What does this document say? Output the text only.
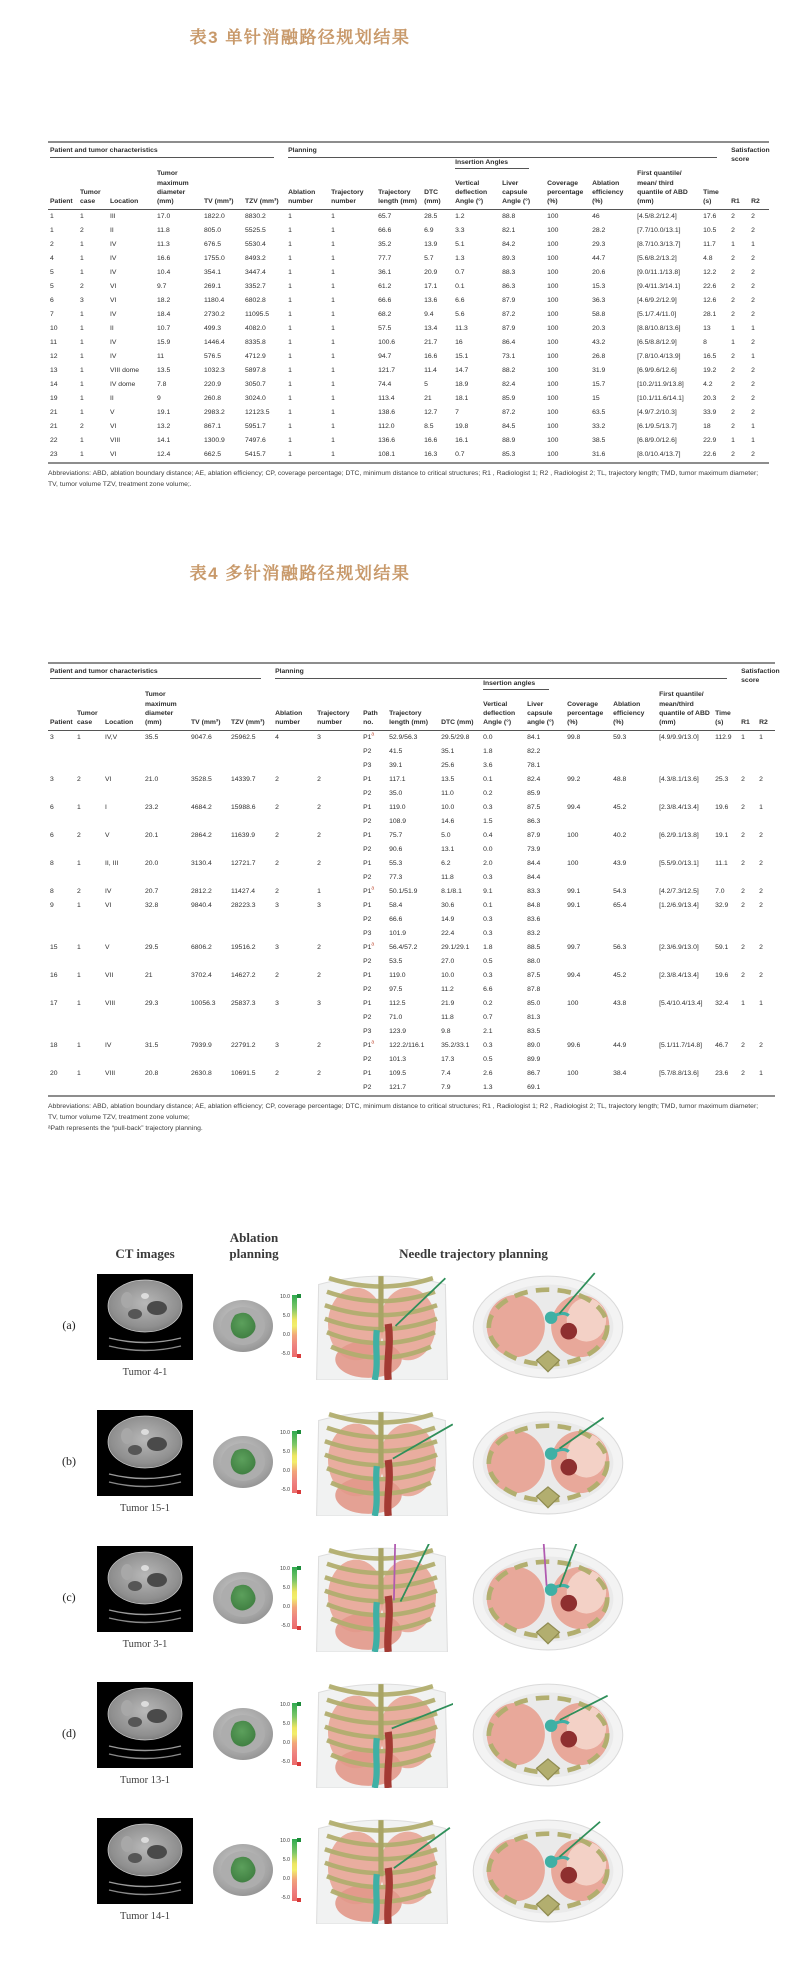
表3 单针消融路径规划结果
Patient and tumor characteristics						Planning										Satisfaction score	

										Insertion Angles							

Patient	Tumor case	Location	Tumor maximum diameter (mm)	TV (mm³)	TZV (mm³)	Ablation number	Trajectory number	Trajectory length (mm)	DTC (mm)	Vertical deflection Angle (°)	Liver capsule Angle (°)	Coverage percentage (%)	Ablation efficiency (%)	First quantile/ mean/ third quantile of ABD (mm)	Time (s)	R1	R2
1	1	III	17.0	1822.0	8830.2	1	1	65.7	28.5	1.2	88.8	100	46	[4.5/8.2/12.4]	17.6	2	2
1	2	II	11.8	805.0	5525.5	1	1	66.6	6.9	3.3	82.1	100	28.2	[7.7/10.0/13.1]	10.5	2	2
2	1	IV	11.3	676.5	5530.4	1	1	35.2	13.9	5.1	84.2	100	29.3	[8.7/10.3/13.7]	11.7	1	1
4	1	IV	16.6	1755.0	8493.2	1	1	77.7	5.7	1.3	89.3	100	44.7	[5.6/8.2/13.2]	4.8	2	2
5	1	IV	10.4	354.1	3447.4	1	1	36.1	20.9	0.7	88.3	100	20.6	[9.0/11.1/13.8]	12.2	2	2
5	2	VI	9.7	269.1	3352.7	1	1	61.2	17.1	0.1	86.3	100	15.3	[9.4/11.3/14.1]	22.6	2	2
6	3	VI	18.2	1180.4	6802.8	1	1	66.6	13.6	6.6	87.9	100	36.3	[4.6/9.2/12.9]	12.6	2	2
7	1	IV	18.4	2730.2	11095.5	1	1	68.2	9.4	5.6	87.2	100	58.8	[5.1/7.4/11.0]	28.1	2	2
10	1	II	10.7	499.3	4082.0	1	1	57.5	13.4	11.3	87.9	100	20.3	[8.8/10.8/13.6]	13	1	1
11	1	IV	15.9	1446.4	8335.8	1	1	100.6	21.7	16	86.4	100	43.2	[6.5/8.8/12.9]	8	1	2
12	1	IV	11	576.5	4712.9	1	1	94.7	16.6	15.1	73.1	100	26.8	[7.8/10.4/13.9]	16.5	2	1
13	1	VIII dome	13.5	1032.3	5897.8	1	1	121.7	11.4	14.7	88.2	100	31.9	[6.9/9.6/12.6]	19.2	2	2
14	1	IV dome	7.8	220.9	3050.7	1	1	74.4	5	18.9	82.4	100	15.7	[10.2/11.9/13.8]	4.2	2	2
19	1	II	9	260.8	3024.0	1	1	113.4	21	18.1	85.9	100	15	[10.1/11.6/14.1]	20.3	2	2
21	1	V	19.1	2983.2	12123.5	1	1	138.6	12.7	7	87.2	100	63.5	[4.9/7.2/10.3]	33.9	2	2
21	2	VI	13.2	867.1	5951.7	1	1	112.0	8.5	19.8	84.5	100	33.2	[6.1/9.5/13.7]	18	2	1
22	1	VIII	14.1	1300.9	7497.6	1	1	136.6	16.6	16.1	88.9	100	38.5	[6.8/9.0/12.6]	22.9	1	1
23	1	VI	12.4	662.5	5415.7	1	1	108.1	16.3	0.7	85.3	100	31.6	[8.0/10.4/13.7]	22.6	2	2

Abbreviations: ABD, ablation boundary distance; AE, ablation efficiency; CP, coverage percentage; DTC, minimum distance to critical structures; R1 , Radiologist 1; R2 , Radiologist 2; TL, trajectory length; TMD, tumor maximum diameter; TV, tumor volume TZV, treatment zone volume;.

表4 多针消融路径规划结果
Patient and tumor characteristics						Planning											Satisfaction score	

											Insertion angles							

Patient	Tumor case	Location	Tumor maximum diameter (mm)	TV (mm³)	TZV (mm³)	Ablation number	Trajectory number	Path no.	Trajectory length (mm)	DTC (mm)	Vertical deflection Angle (°)	Liver capsule angle (°)	Coverage percentage (%)	Ablation efficiency (%)	First quantile/ mean/third quantile of ABD (mm)	Time (s)	R1	R2
3	1	IV,V	35.5	9047.6	25962.5	4	3	P1$^a$	52.9/56.3	29.5/29.8	0.0	84.1	99.8	59.3	[4.9/9.9/13.0]	112.9	1	1
								P2	41.5	35.1	1.8	82.2						
								P3	39.1	25.6	3.6	78.1						
3	2	VI	21.0	3528.5	14339.7	2	2	P1	117.1	13.5	0.1	82.4	99.2	48.8	[4.3/8.1/13.6]	25.3	2	2
								P2	35.0	11.0	0.2	85.9						
6	1	I	23.2	4684.2	15988.6	2	2	P1	119.0	10.0	0.3	87.5	99.4	45.2	[2.3/8.4/13.4]	19.6	2	1
								P2	108.9	14.6	1.5	86.3						
6	2	V	20.1	2864.2	11639.9	2	2	P1	75.7	5.0	0.4	87.9	100	40.2	[6.2/9.1/13.8]	19.1	2	2
								P2	90.6	13.1	0.0	73.9						
8	1	II, III	20.0	3130.4	12721.7	2	2	P1	55.3	6.2	2.0	84.4	100	43.9	[5.5/9.0/13.1]	11.1	2	2
								P2	77.3	11.8	0.3	84.4						
8	2	IV	20.7	2812.2	11427.4	2	1	P1$^a$	50.1/51.9	8.1/8.1	9.1	83.3	99.1	54.3	[4.2/7.3/12.5]	7.0	2	2
9	1	VI	32.8	9840.4	28223.3	3	3	P1	58.4	30.6	0.1	84.8	99.1	65.4	[1.2/6.9/13.4]	32.9	2	2
								P2	66.6	14.9	0.3	83.6						
								P3	101.9	22.4	0.3	83.2						
15	1	V	29.5	6806.2	19516.2	3	2	P1$^a$	56.4/57.2	29.1/29.1	1.8	88.5	99.7	56.3	[2.3/6.9/13.0]	59.1	2	2
								P2	53.5	27.0	0.5	88.0						
16	1	VII	21	3702.4	14627.2	2	2	P1	119.0	10.0	0.3	87.5	99.4	45.2	[2.3/8.4/13.4]	19.6	2	2
								P2	97.5	11.2	6.6	87.8						
17	1	VIII	29.3	10056.3	25837.3	3	3	P1	112.5	21.9	0.2	85.0	100	43.8	[5.4/10.4/13.4]	32.4	1	1
								P2	71.0	11.8	0.7	81.3						
								P3	123.9	9.8	2.1	83.5						
18	1	IV	31.5	7939.9	22791.2	3	2	P1$^a$	122.2/116.1	35.2/33.1	0.3	89.0	99.6	44.9	[5.1/11.7/14.8]	46.7	2	2
								P2	101.3	17.3	0.5	89.9						
20	1	VIII	20.8	2630.8	10691.5	2	2	P1	109.5	7.4	2.6	86.7	100	38.4	[5.7/8.8/13.6]	23.6	2	1
								P2	121.7	7.9	1.3	69.1						

Abbreviations: ABD, ablation boundary distance; AE, ablation efficiency; CP, coverage percentage; DTC, minimum distance to critical structures; R1 , Radiologist 1; R2 , Radiologist 2; TL, trajectory length; TMD, tumor maximum diameter; TV, tumor volume TZV, treatment zone volume;

ᵃPath represents the “pull-back” trajectory planning.

CT images
Ablation planning	Needle trajectory planning
(a)
Tumor 4-1
10.0
5.0
0.0
-5.0
(b)
Tumor 15-1
10.0
5.0
0.0
-5.0
(c)
Tumor 3-1
10.0
5.0
0.0
-5.0
(d)
Tumor 13-1
10.0
5.0
0.0
-5.0
Tumor 14-1
10.0
5.0
0.0
-5.0
